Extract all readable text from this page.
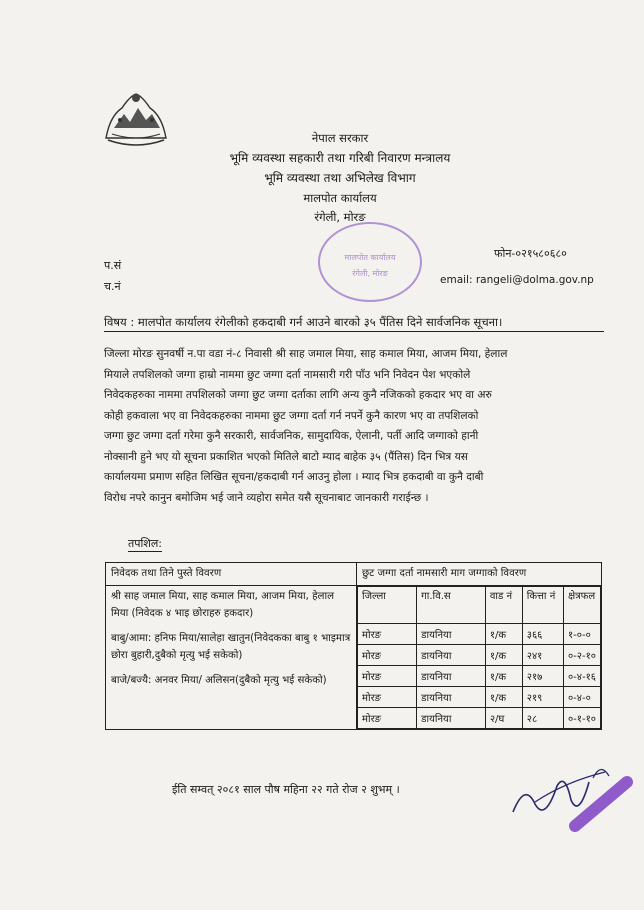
नेपाल सरकार
भूमि व्यवस्था सहकारी तथा गरिबी निवारण मन्त्रालय
भूमि व्यवस्था तथा अभिलेख विभाग
मालपोत कार्यालय
रंगेली, मोरङ
मालपोत कार्यालय
रंगेली, मोरङ
फोन-०२१५८०६८०
प.सं
च.नं	email: rangeli@dolma.gov.np
विषय : मालपोत कार्यालय रंगेलीको हकदाबी गर्न आउने बारको ३५ पैंतिस दिने सार्वजनिक सूचना।
जिल्ला मोरङ सुनवर्षी न.पा वडा नं-८ निवासी श्री साह जमाल मिया, साह कमाल मिया, आजम मिया, हेलाल
मियाले तपशिलको जग्गा हाम्रो नाममा छुट जग्गा दर्ता नामसारी गरी पाँउ भनि निवेदन पेश भएकोले
निवेदकहरुका नाममा तपशिलको जग्गा छुट जग्गा दर्ताका लागि अन्य कुनै नजिकको हकदार भए वा अरु
कोही हकवाला भए वा निवेदकहरुका नाममा छुट जग्गा दर्ता गर्न नपर्ने कुनै कारण भए वा तपशिलको
जग्गा छुट जग्गा दर्ता गरेमा कुनै सरकारी, सार्वजनिक, सामुदायिक, ऐलानी, पर्ती आदि जग्गाको हानी
नोक्सानी हुने भए यो सूचना प्रकाशित भएको मितिले बाटो म्याद बाहेक ३५ (पैंतिस) दिन भित्र यस
कार्यालयमा प्रमाण सहित लिखित सूचना/हकदाबी गर्न आउनु होला । म्याद भित्र हकदाबी वा कुनै दाबी
विरोध नपरे कानुन बमोजिम भई जाने व्यहोरा समेत यसै सूचनाबाट जानकारी गराईन्छ ।
तपशिल:
निवेदक तथा तिने पुस्ते विवरण	छुट जग्गा दर्ता नामसारी माग जग्गाको विवरण

श्री साह जमाल मिया, साह कमाल मिया, आजम मिया, हेलाल मिया (निवेदक ४ भाइ छोराहरु हकदार)
बाबु/आमा: हनिफ मिया/सालेहा खातुन(निवेदकका बाबु १ भाइमात्र छोरा बुहारी,दुबैको मृत्यु भई सकेको)
बाजे/बज्यै: अनवर मिया/ अलिसन(दुबैको मृत्यु भई सकेको)

जिल्ला	गा.वि.स	वाड नं	कित्ता नं	क्षेत्रफल
मोरङ	डायनिया	१/क	३६६	१-०-०
मोरङ	डायनिया	१/क	२४१	०-२-१०
मोरङ	डायनिया	१/क	२१७	०-४-१६
मोरङ	डायनिया	१/क	२१९	०-४-०
मोरङ	डायनिया	२/घ	२८	०-१-१०
ईति सम्वत् २०८१ साल पौष महिना २२ गते रोज २ शुभम् ।
